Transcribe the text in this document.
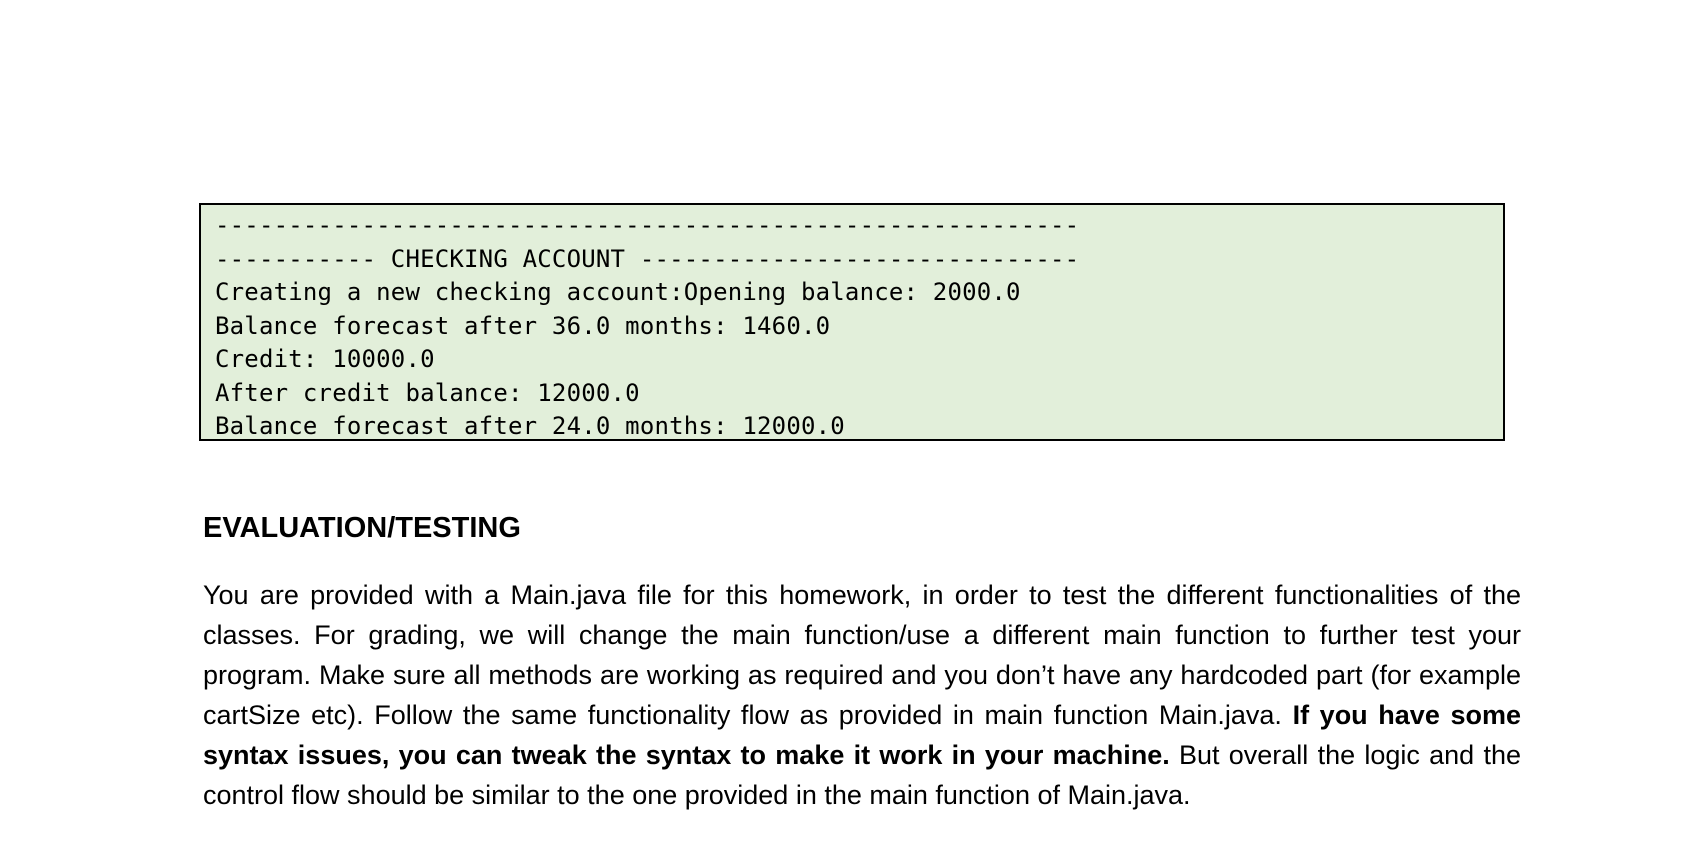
-----------------------------------------------------------
----------- CHECKING ACCOUNT ------------------------------
Creating a new checking account:Opening balance: 2000.0
Balance forecast after 36.0 months: 1460.0
Credit: 10000.0
After credit balance: 12000.0
Balance forecast after 24.0 months: 12000.0
EVALUATION/TESTING

You are provided with a Main.java file for this homework, in order to test the different functionalities of the classes. For grading, we will change the main function/use a different main function to further test your program. Make sure all methods are working as required and you don’t have any hardcoded part (for example cartSize etc). Follow the same functionality flow as provided in main function Main.java. If you have some syntax issues, you can tweak the syntax to make it work in your machine. But overall the logic and the control flow should be similar to the one provided in the main function of Main.java.
